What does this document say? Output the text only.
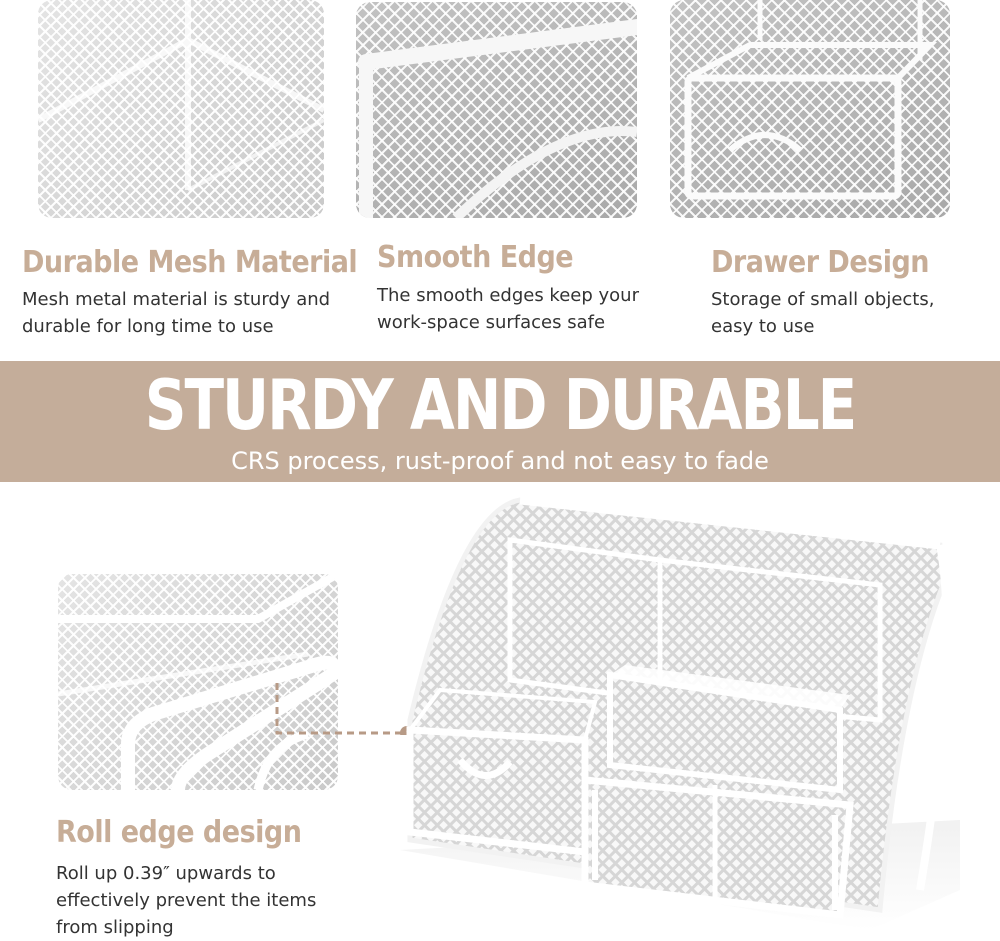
Durable Mesh Material

Mesh metal material is sturdy and
durable for long time to use

Smooth Edge

The smooth edges keep your
work-space surfaces safe

Drawer Design

Storage of small objects,
easy to use

STURDY AND DURABLE

CRS process, rust-proof and not easy to fade

Roll edge design

Roll up 0.39″ upwards to
effectively prevent the items
from slipping
